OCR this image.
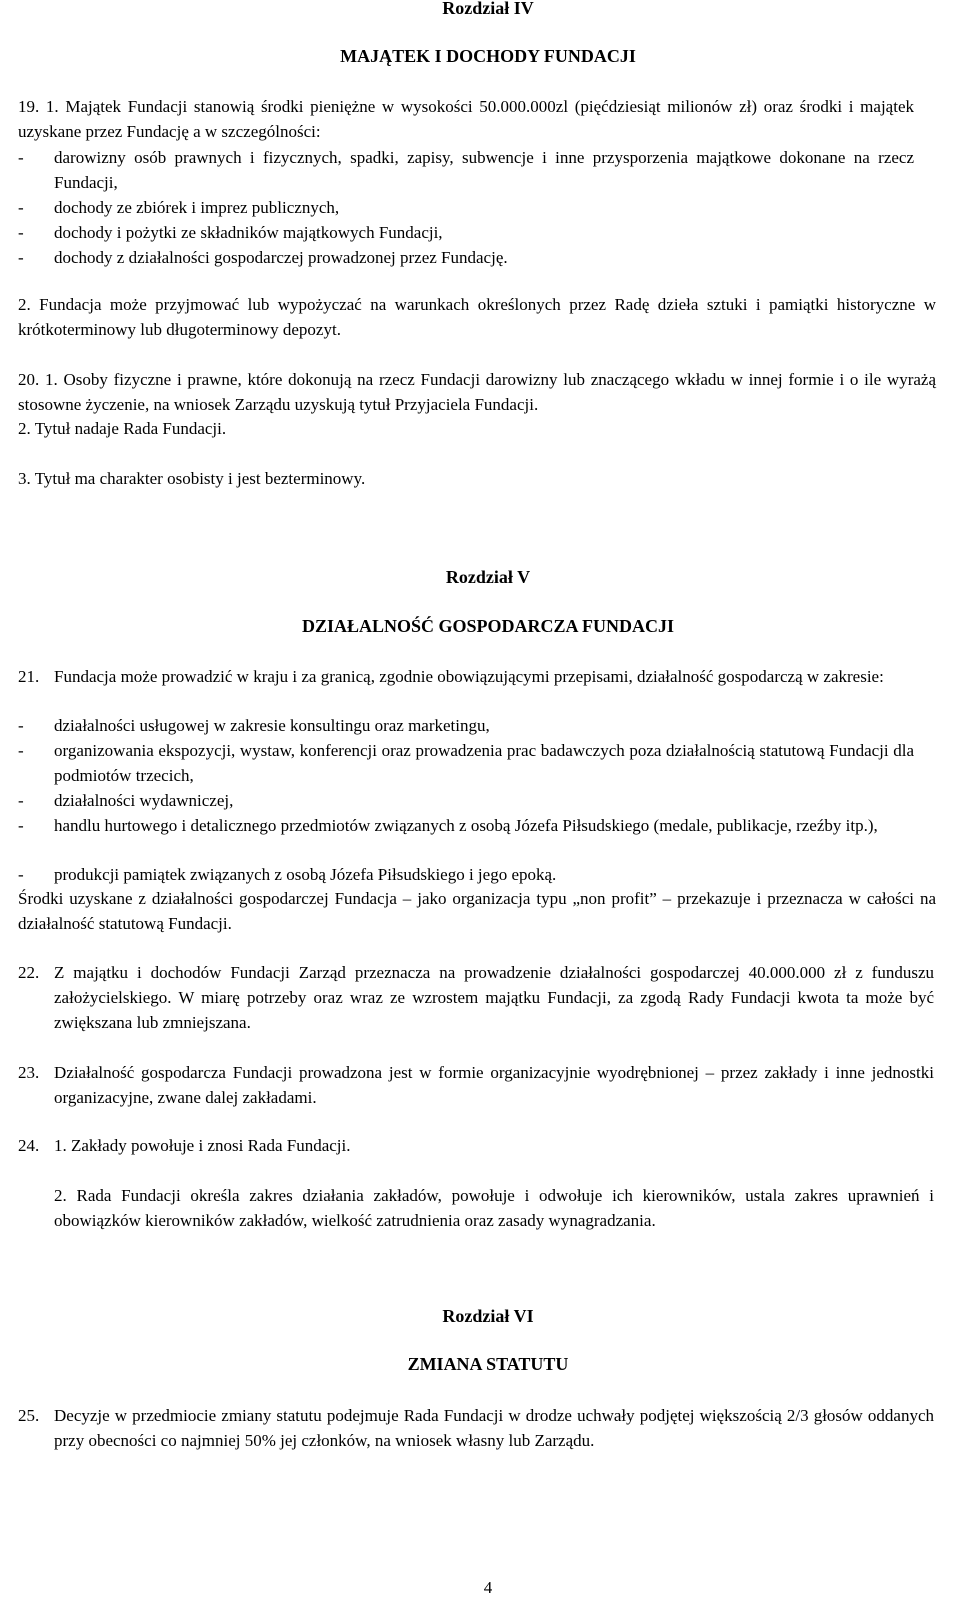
Rozdział IV
MAJĄTEK I DOCHODY FUNDACJI

19. 1. Majątek Fundacji stanowią środki pieniężne w wysokości 50.000.000zl (pięćdziesiąt milionów zł) oraz środki i majątek uzyskane przez Fundację a w szczególności:

- darowizny osób prawnych i fizycznych, spadki, zapisy, subwencje i inne przysporzenia majątkowe dokonane na rzecz Fundacji,
- dochody ze zbiórek i imprez publicznych,
- dochody i pożytki ze składników majątkowych Fundacji,
- dochody z działalności gospodarczej prowadzonej przez Fundację.

2. Fundacja może przyjmować lub wypożyczać na warunkach określonych przez Radę dzieła sztuki i pamiątki historyczne w krótkoterminowy lub długoterminowy depozyt.

20. 1. Osoby fizyczne i prawne, które dokonują na rzecz Fundacji darowizny lub znaczącego wkładu w innej formie i o ile wyrażą stosowne życzenie, na wniosek Zarządu uzyskują tytuł Przyjaciela Fundacji.

2. Tytuł nadaje Rada Fundacji.

3. Tytuł ma charakter osobisty i jest bezterminowy.

Rozdział V
DZIAŁALNOŚĆ GOSPODARCZA FUNDACJI
21. Fundacja może prowadzić w kraju i za granicą, zgodnie obowiązującymi przepisami, działalność gospodarczą w zakresie:
- działalności usługowej w zakresie konsultingu oraz marketingu,
- organizowania ekspozycji, wystaw, konferencji oraz prowadzenia prac badawczych poza działalnością statutową Fundacji dla podmiotów trzecich,
- działalności wydawniczej,
- handlu hurtowego i detalicznego przedmiotów związanych z osobą Józefa Piłsudskiego (medale, publikacje, rzeźby itp.),
- produkcji pamiątek związanych z osobą Józefa Piłsudskiego i jego epoką.

Środki uzyskane z działalności gospodarczej Fundacja – jako organizacja typu „non profit” – przekazuje i przeznacza w całości na działalność statutową Fundacji.

22. Z majątku i dochodów Fundacji Zarząd przeznacza na prowadzenie działalności gospodarczej 40.000.000 zł z funduszu założycielskiego. W miarę potrzeby oraz wraz ze wzrostem majątku Fundacji, za zgodą Rady Fundacji kwota ta może być zwiększana lub zmniejszana.
23. Działalność gospodarcza Fundacji prowadzona jest w formie organizacyjnie wyodrębnionej – przez zakłady i inne jednostki organizacyjne, zwane dalej zakładami.
24. 1. Zakłady powołuje i znosi Rada Fundacji.

2. Rada Fundacji określa zakres działania zakładów, powołuje i odwołuje ich kierowników, ustala zakres uprawnień i obowiązków kierowników zakładów, wielkość zatrudnienia oraz zasady wynagradzania.

Rozdział VI
ZMIANA STATUTU
25. Decyzje w przedmiocie zmiany statutu podejmuje Rada Fundacji w drodze uchwały podjętej większością 2/3 głosów oddanych przy obecności co najmniej 50% jej członków, na wniosek własny lub Zarządu.
4
